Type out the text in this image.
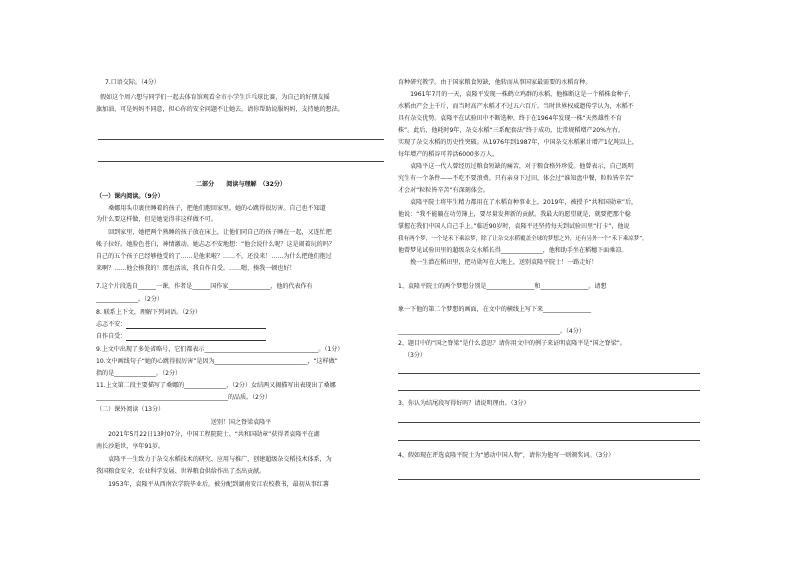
7.口语交际。（4分）
假如这个周六想与同学们一起去体育馆观看全市小学生乒乓球比赛，为自己的好朋友摇
旗加油，可是妈妈不同意，担心你的安全问题不让她去。请你帮助说服妈妈，支持她的想法。
二部分　　阅读与理解　（32分）
（一）课内阅读。（9分）
　　桑娜用头巾裹住睡着的孩子，把他们抱回家里。她的心跳得很厉害。自己也不知道
为什么要这样做，但是她觉得非这样做不可。
　　回到家里，她把两个熟睡的孩子放在床上，让他们同自己的孩子睡在一起，又连忙把
帐子拉好。她脸色苍白，神情激动。她忐忑不安地想：“他会说什么呢？这是闹着玩的吗？
自己的五个孩子已经够他受的了……是他来啦？……不，还没来！……为什么把他们抱过
来啊？……他会揍我的！那也活该，我自作自受。……嗯，揍我一顿也好！
7.这个片段选自______一课，作者是______国作家______________，他的代表作有
______________。（2分）
8. 联系上下文，理解下列词语。（2分）
忐忑不安：
自作自受：
9.上文中出现了多处省略号，它们都表示______________________________________。（1分）
10.文中画线句子“她的心跳得很厉害”是因为_______________________________，“这样做”
指的是______________。（2分）
11.上文第二段主要描写了桑娜的______________，（2分）女结两又揭描写出表现出了桑娜
____________________________________________的品质。（2分）
（二）课外阅读（13分）
送别！国之脊梁袁隆平
　　2021年5月22日13时07分，中国工程院院士、“共和国勋章”获得者袁隆平在湖
南长沙逝世，享年91岁。
　　袁隆平一生致力于杂交水稻技术的研究、应用与推广，创建超级杂交稻技术体系，为
我国粮食安全、农业科学发展、世界粮食供给作出了杰出贡献。
　　1953年，袁隆平从西南农学院毕业后，被分配到湖南安江农校教书，最初从事红薯
育种研究教学。由于国家粮食短缺，他转而从事国家最需要的水稻育种。
　　1961年7月的一天，袁隆平发现一株鹤立鸡群的水稻，他推断这是一个稻株食种子，
水稻由产会上千斤，而当时高产水稻才不过五六百斤。当时世界权威遗传学认为，水稻不
具有杂交优势。袁隆平在试验田中不断选种，终于在1964年发现一株“天然雄性不育
株”。此后，他耗时9年，杂交水稻“三系配套法”终于成功，比常规稻增产20%左右，
实现了杂交水稻的历史性突破。从1976年到1987年，中国杂交水稻累计增产1亿吨以上，
每年增产的稻谷可养活6000多万人。
　　袁隆平这一代人曾经历过粮食短缺的痛苦，对于粮食格外珍爱。他曾表示，自己既明
究生有一个条件——不吃不要浪费。只有亲身下过田，体会过“谁知盘中餐，粒粒皆辛苦”
才会对“粒粒皆辛苦”有深刻体会。
　　袁隆平院士将毕生精力都用在了水稻育种事业上。2019年，被授予“共和国勋章”后，
他说：“我不能躺在功劳簿上，要尽量发挥新的贡献。我最大的愿望就是，就要把那个稳
掌握在我们中国人自己手上。”临近90岁时，袁隆平还坚持每天到试验田里“打卡”，他说
我有两个梦，一个是禾下乘凉梦，除了让杂交水稻覆盖全球的梦想之外，还有另外一个“禾下乘凉梦”。
他曾梦见试验田里的超级杂交水稻长得______________，他和助手坐在稻穗下面乘凉。
　　挽一生潜在稻田里，把功勋写在大地上，送别袁隆平院士！一路走好！
1、袁隆平院士的两个梦想分别是________________和________________。请想
象一下他的第二个梦想的画面，在文中的横线上写下来________________
______________________________________________________。（4分）
2、题目中的“国之脊梁”是什么意思？请你用文中的例子来证明袁隆平是“国之脊梁”。
（3分）
3、你认为结尾段写得好吗？请说明理由。（3分）
4、假如现在评选袁隆平院士为“感动中国人物”，请你为他写一则颁奖词。（3分）
